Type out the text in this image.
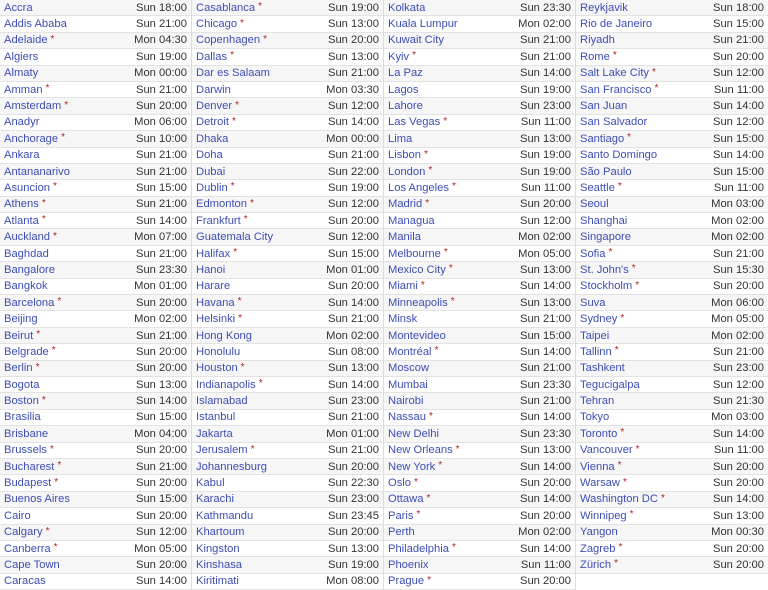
Accra	Sun 18:00
Addis Ababa	Sun 21:00
Adelaide *	Mon 04:30
Algiers	Sun 19:00
Almaty	Mon 00:00
Amman *	Sun 21:00
Amsterdam *	Sun 20:00
Anadyr	Mon 06:00
Anchorage *	Sun 10:00
Ankara	Sun 21:00
Antananarivo	Sun 21:00
Asuncion *	Sun 15:00
Athens *	Sun 21:00
Atlanta *	Sun 14:00
Auckland *	Mon 07:00
Baghdad	Sun 21:00
Bangalore	Sun 23:30
Bangkok	Mon 01:00
Barcelona *	Sun 20:00
Beijing	Mon 02:00
Beirut *	Sun 21:00
Belgrade *	Sun 20:00
Berlin *	Sun 20:00
Bogota	Sun 13:00
Boston *	Sun 14:00
Brasilia	Sun 15:00
Brisbane	Mon 04:00
Brussels *	Sun 20:00
Bucharest *	Sun 21:00
Budapest *	Sun 20:00
Buenos Aires	Sun 15:00
Cairo	Sun 20:00
Calgary *	Sun 12:00
Canberra *	Mon 05:00
Cape Town	Sun 20:00
Caracas	Sun 14:00
Casablanca *	Sun 19:00
Chicago *	Sun 13:00
Copenhagen *	Sun 20:00
Dallas *	Sun 13:00
Dar es Salaam	Sun 21:00
Darwin	Mon 03:30
Denver *	Sun 12:00
Detroit *	Sun 14:00
Dhaka	Mon 00:00
Doha	Sun 21:00
Dubai	Sun 22:00
Dublin *	Sun 19:00
Edmonton *	Sun 12:00
Frankfurt *	Sun 20:00
Guatemala City	Sun 12:00
Halifax *	Sun 15:00
Hanoi	Mon 01:00
Harare	Sun 20:00
Havana *	Sun 14:00
Helsinki *	Sun 21:00
Hong Kong	Mon 02:00
Honolulu	Sun 08:00
Houston *	Sun 13:00
Indianapolis *	Sun 14:00
Islamabad	Sun 23:00
Istanbul	Sun 21:00
Jakarta	Mon 01:00
Jerusalem *	Sun 21:00
Johannesburg	Sun 20:00
Kabul	Sun 22:30
Karachi	Sun 23:00
Kathmandu	Sun 23:45
Khartoum	Sun 20:00
Kingston	Sun 13:00
Kinshasa	Sun 19:00
Kiritimati	Mon 08:00
Kolkata	Sun 23:30
Kuala Lumpur	Mon 02:00
Kuwait City	Sun 21:00
Kyiv *	Sun 21:00
La Paz	Sun 14:00
Lagos	Sun 19:00
Lahore	Sun 23:00
Las Vegas *	Sun 11:00
Lima	Sun 13:00
Lisbon *	Sun 19:00
London *	Sun 19:00
Los Angeles *	Sun 11:00
Madrid *	Sun 20:00
Managua	Sun 12:00
Manila	Mon 02:00
Melbourne *	Mon 05:00
Mexico City *	Sun 13:00
Miami *	Sun 14:00
Minneapolis *	Sun 13:00
Minsk	Sun 21:00
Montevideo	Sun 15:00
Montréal *	Sun 14:00
Moscow	Sun 21:00
Mumbai	Sun 23:30
Nairobi	Sun 21:00
Nassau *	Sun 14:00
New Delhi	Sun 23:30
New Orleans *	Sun 13:00
New York *	Sun 14:00
Oslo *	Sun 20:00
Ottawa *	Sun 14:00
Paris *	Sun 20:00
Perth	Mon 02:00
Philadelphia *	Sun 14:00
Phoenix	Sun 11:00
Prague *	Sun 20:00
Reykjavik	Sun 18:00
Rio de Janeiro	Sun 15:00
Riyadh	Sun 21:00
Rome *	Sun 20:00
Salt Lake City *	Sun 12:00
San Francisco *	Sun 11:00
San Juan	Sun 14:00
San Salvador	Sun 12:00
Santiago *	Sun 15:00
Santo Domingo	Sun 14:00
São Paulo	Sun 15:00
Seattle *	Sun 11:00
Seoul	Mon 03:00
Shanghai	Mon 02:00
Singapore	Mon 02:00
Sofia *	Sun 21:00
St. John's *	Sun 15:30
Stockholm *	Sun 20:00
Suva	Mon 06:00
Sydney *	Mon 05:00
Taipei	Mon 02:00
Tallinn *	Sun 21:00
Tashkent	Sun 23:00
Tegucigalpa	Sun 12:00
Tehran	Sun 21:30
Tokyo	Mon 03:00
Toronto *	Sun 14:00
Vancouver *	Sun 11:00
Vienna *	Sun 20:00
Warsaw *	Sun 20:00
Washington DC *	Sun 14:00
Winnipeg *	Sun 13:00
Yangon	Mon 00:30
Zagreb *	Sun 20:00
Zürich *	Sun 20:00
